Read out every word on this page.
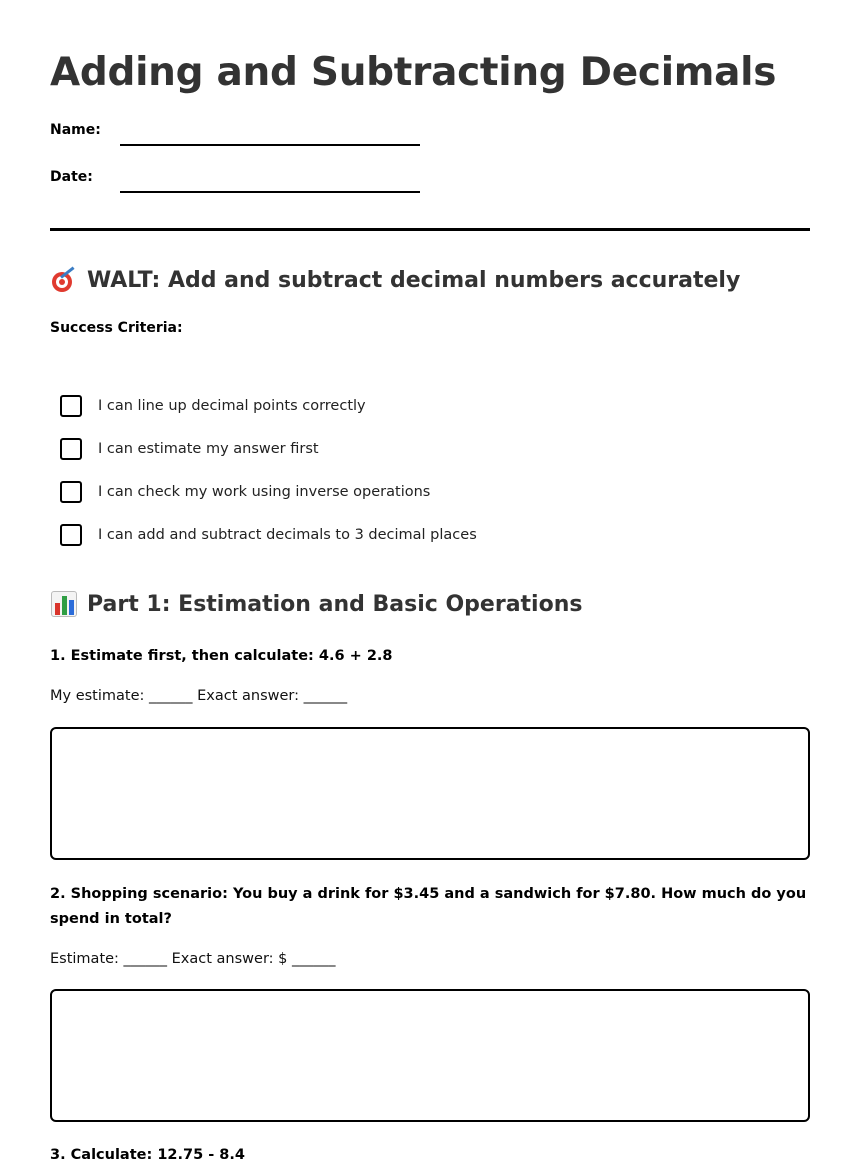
Adding and Subtracting Decimals
Name:
Date:
WALT: Add and subtract decimal numbers accurately
Success Criteria:
I can line up decimal points correctly
I can estimate my answer first
I can check my work using inverse operations
I can add and subtract decimals to 3 decimal places
Part 1: Estimation and Basic Operations
1. Estimate first, then calculate: 4.6 + 2.8
My estimate: ______ Exact answer: ______
2. Shopping scenario: You buy a drink for $3.45 and a sandwich for $7.80. How much do you spend in total?
Estimate: ______ Exact answer: $ ______
3. Calculate: 12.75 - 8.4
